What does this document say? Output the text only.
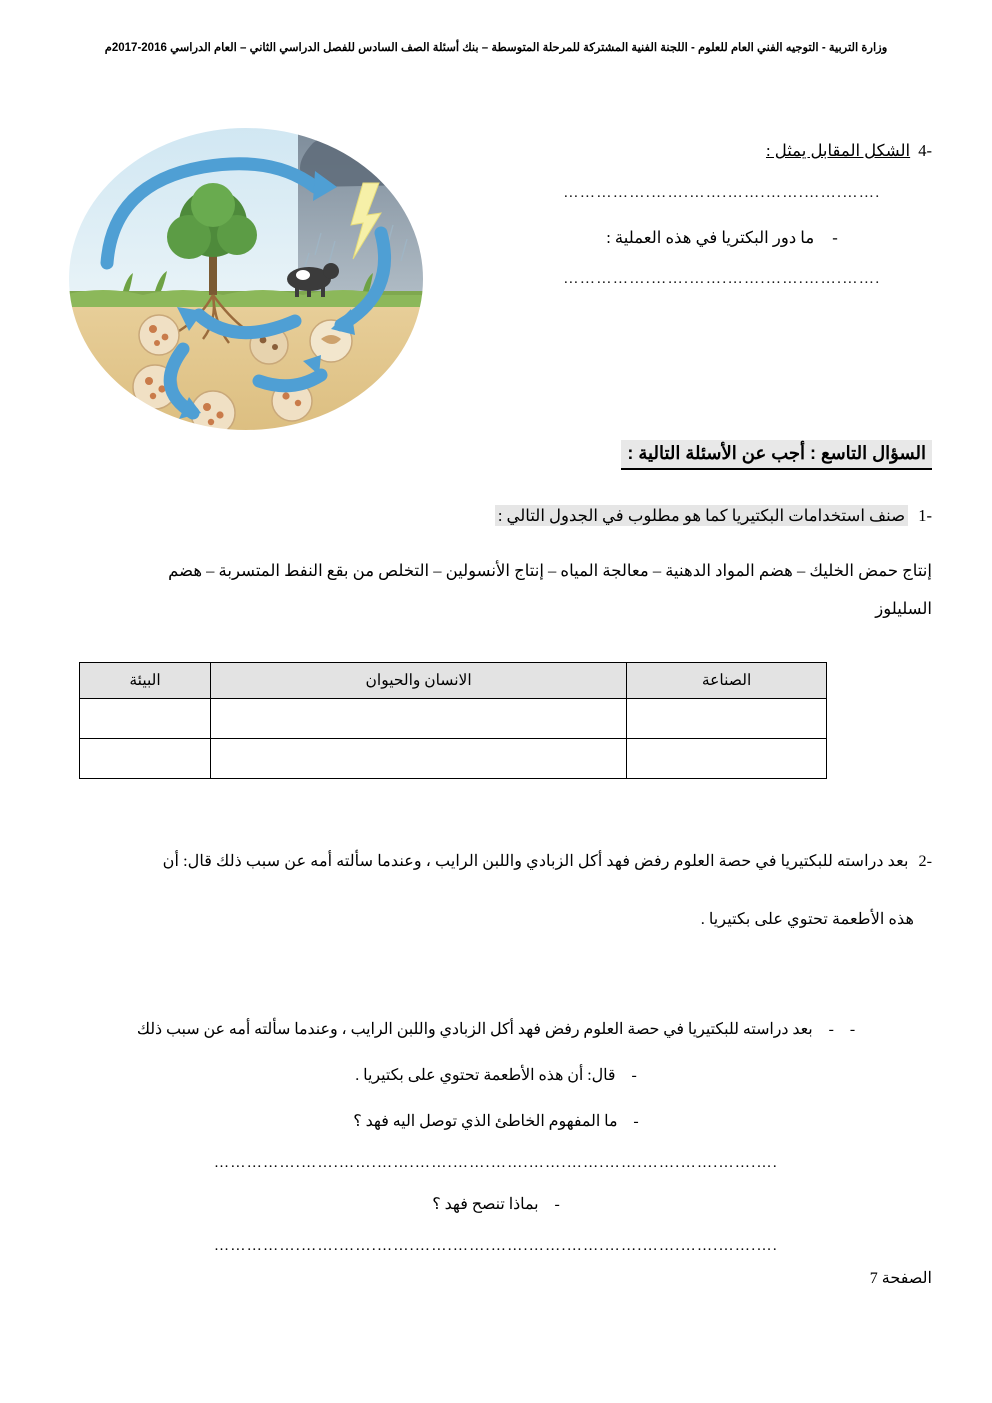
وزارة التربية - التوجيه الفني العام للعلوم - اللجنة الفنية المشتركة للمرحلة المتوسطة – بنك أسئلة الصف السادس للفصل الدراسي الثاني – العام الدراسي 2016-2017م
-4 الشكل المقابل يمثل :
…………….…….…….…….…….…….…….
- ما دور البكتريا في هذه العملية :
…………….…….…….…….…….…….…….
السؤال التاسع : أجب عن الأسئلة التالية :
-1 صنف استخدامات البكتيريا كما هو مطلوب في الجدول التالي :
إنتاج حمض الخليك – هضم المواد الدهنية – معالجة المياه – إنتاج الأنسولين – التخلص من بقع النفط المتسربة – هضم
السليلوز
الصناعة	الانسان والحيوان	البيئة

-2 بعد دراسته للبكتيريا في حصة العلوم رفض فهد أكل الزبادي واللبن الرايب ، وعندما سألته أمه عن سبب ذلك قال: أن
هذه الأطعمة تحتوي على بكتيريا .
- - بعد دراسته للبكتيريا في حصة العلوم رفض فهد أكل الزبادي واللبن الرايب ، وعندما سألته أمه عن سبب ذلك
- قال: أن هذه الأطعمة تحتوي على بكتيريا .
- ما المفهوم الخاطئ الذي توصل اليه فهد ؟
…………….…….…….…….…….…….…….…….…….…….…….…….…….….
- بماذا تنصح فهد ؟
…………….…….…….…….…….…….…….…….…….…….…….…….…….….
الصفحة 7
